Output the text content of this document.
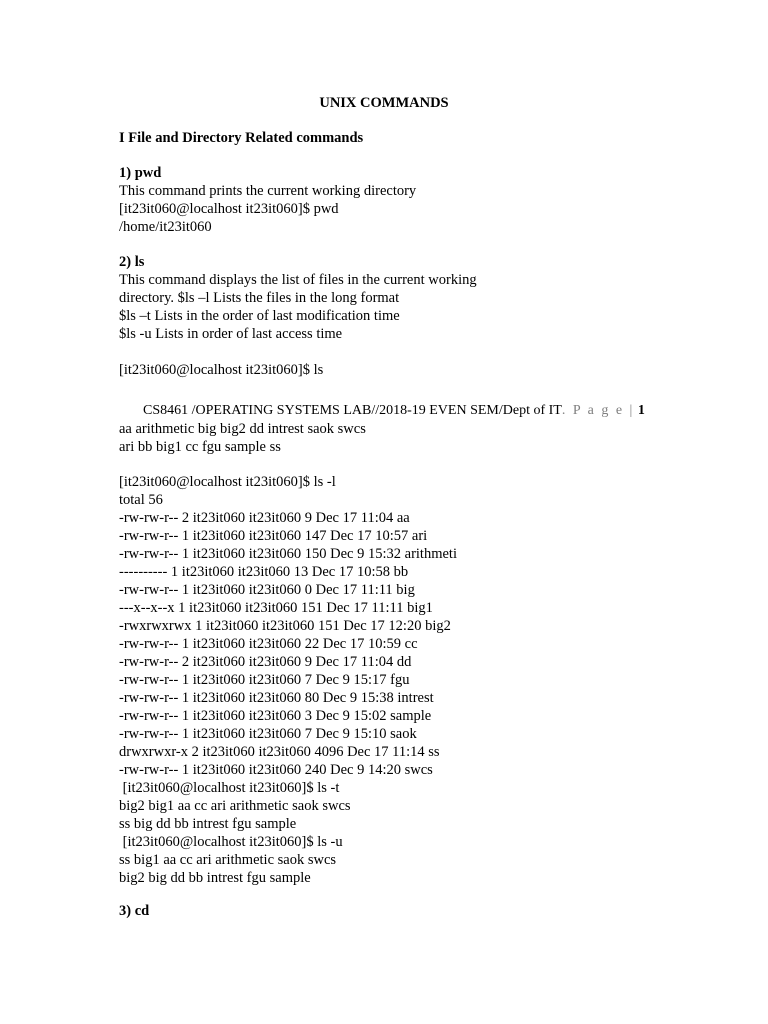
UNIX COMMANDS
I File and Directory Related commands
1) pwd
This command prints the current working directory
[it23it060@localhost it23it060]$ pwd
/home/it23it060
2) ls
This command displays the list of files in the current working
directory. $ls –l Lists the files in the long format
$ls –t Lists in the order of last modification time
$ls -u Lists in order of last access time
[it23it060@localhost it23it060]$ ls
CS8461 /OPERATING SYSTEMS LAB//2018-19 EVEN SEM/Dept of IT. P a g e | 1
aa arithmetic big big2 dd intrest saok swcs
ari bb big1 cc fgu sample ss
[it23it060@localhost it23it060]$ ls -l
total 56
-rw-rw-r-- 2 it23it060 it23it060 9 Dec 17 11:04 aa
-rw-rw-r-- 1 it23it060 it23it060 147 Dec 17 10:57 ari
-rw-rw-r-- 1 it23it060 it23it060 150 Dec 9 15:32 arithmeti
---------- 1 it23it060 it23it060 13 Dec 17 10:58 bb
-rw-rw-r-- 1 it23it060 it23it060 0 Dec 17 11:11 big
---x--x--x 1 it23it060 it23it060 151 Dec 17 11:11 big1
-rwxrwxrwx 1 it23it060 it23it060 151 Dec 17 12:20 big2
-rw-rw-r-- 1 it23it060 it23it060 22 Dec 17 10:59 cc
-rw-rw-r-- 2 it23it060 it23it060 9 Dec 17 11:04 dd
-rw-rw-r-- 1 it23it060 it23it060 7 Dec 9 15:17 fgu
-rw-rw-r-- 1 it23it060 it23it060 80 Dec 9 15:38 intrest
-rw-rw-r-- 1 it23it060 it23it060 3 Dec 9 15:02 sample
-rw-rw-r-- 1 it23it060 it23it060 7 Dec 9 15:10 saok
drwxrwxr-x 2 it23it060 it23it060 4096 Dec 17 11:14 ss
-rw-rw-r-- 1 it23it060 it23it060 240 Dec 9 14:20 swcs
[it23it060@localhost it23it060]$ ls -t
big2 big1 aa cc ari arithmetic saok swcs
ss big dd bb intrest fgu sample
[it23it060@localhost it23it060]$ ls -u
ss big1 aa cc ari arithmetic saok swcs
big2 big dd bb intrest fgu sample
3) cd
